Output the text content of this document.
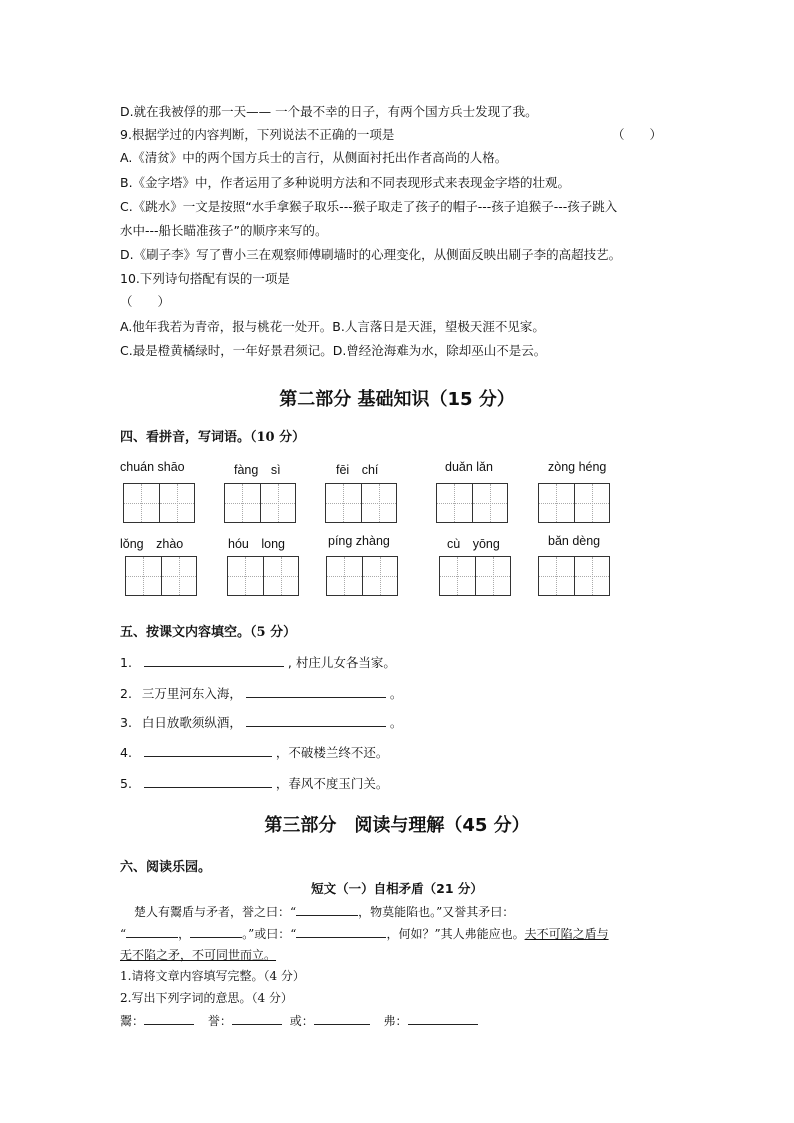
D.就在我被俘的那一天—— 一个最不幸的日子，有两个国方兵士发现了我。
9.根据学过的内容判断，下列说法不正确的一项是	（　　）
A.《清贫》中的两个国方兵士的言行，从侧面衬托出作者高尚的人格。
B.《金字塔》中，作者运用了多种说明方法和不同表现形式来表现金字塔的壮观。
C.《跳水》一文是按照“水手拿猴子取乐---猴子取走了孩子的帽子---孩子追猴子---孩子跳入
水中---船长瞄准孩子”的顺序来写的。
D.《刷子李》写了曹小三在观察师傅刷墙时的心理变化，从侧面反映出刷子李的高超技艺。
10.下列诗句搭配有误的一项是
（　　）
A.他年我若为青帝，报与桃花一处开。B.人言落日是天涯，望极天涯不见家。
C.最是橙黄橘绿时，一年好景君须记。D.曾经沧海难为水，除却巫山不是云。
第二部分 基础知识（15 分）
四、看拼音，写词语。（10 分）
chuán shāo	fàng　sì	fēi　chí	duǎn lǎn	zòng héng
lǒng　zhào	hóu　long	píng zhàng	cù　yōng	bǎn dèng
五、按课文内容填空。（5 分）
1.	, 村庄儿女各当家。
2. 三万里河东入海，	。
3. 白日放歌须纵酒，	。
4.	，不破楼兰终不还。
5.	，春风不度玉门关。
第三部分　阅读与理解（45 分）
六、阅读乐园。
短文（一）自相矛盾（21 分）
楚人有鬻盾与矛者，誉之曰：“	，物莫能陷也。”又誉其矛曰：
“	，	。”或曰：“	，何如？”其人弗能应也。夫不可陷之盾与
无不陷之矛，不可同世而立。
1.请将文章内容填写完整。（4 分）
2.写出下列字词的意思。（4 分）
鬻：	誉：	或：	弗：
